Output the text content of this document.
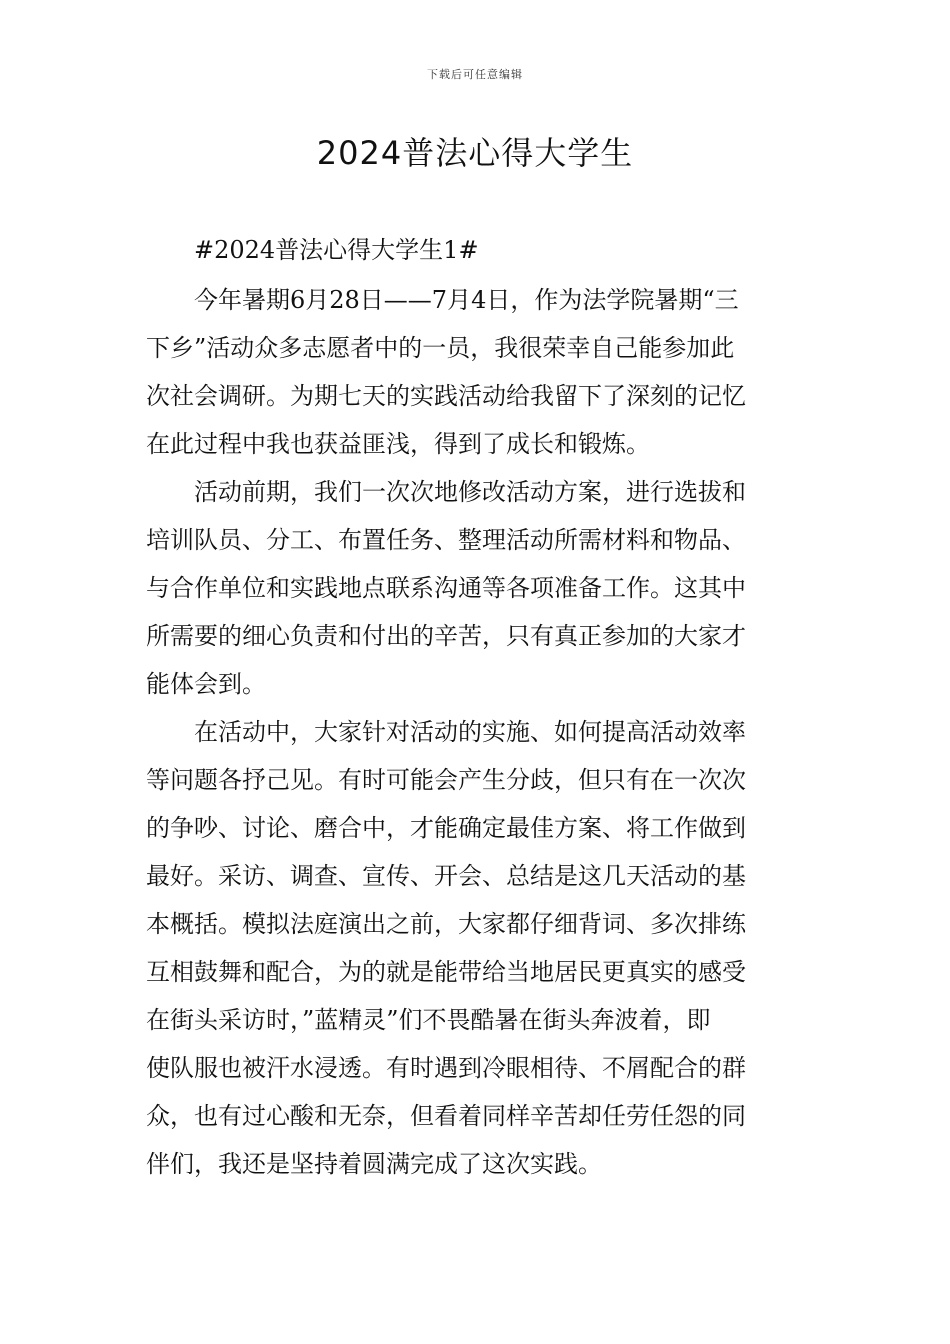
下载后可任意编辑
2024普法心得大学生
#2024普法心得大学生1#
今年暑期6月28日——7月4日，作为法学院暑期“三
下乡”活动众多志愿者中的一员，我很荣幸自己能参加此
次社会调研。为期七天的实践活动给我留下了深刻的记忆
在此过程中我也获益匪浅，得到了成长和锻炼。
活动前期，我们一次次地修改活动方案，进行选拔和
培训队员、分工、布置任务、整理活动所需材料和物品、
与合作单位和实践地点联系沟通等各项准备工作。这其中
所需要的细心负责和付出的辛苦，只有真正参加的大家才
能体会到。
在活动中，大家针对活动的实施、如何提高活动效率
等问题各抒己见。有时可能会产生分歧，但只有在一次次
的争吵、讨论、磨合中，才能确定最佳方案、将工作做到
最好。采访、调查、宣传、开会、总结是这几天活动的基
本概括。模拟法庭演出之前，大家都仔细背词、多次排练
互相鼓舞和配合，为的就是能带给当地居民更真实的感受
在街头采访时，”蓝精灵”们不畏酷暑在街头奔波着，即
使队服也被汗水浸透。有时遇到冷眼相待、不屑配合的群
众，也有过心酸和无奈，但看着同样辛苦却任劳任怨的同
伴们，我还是坚持着圆满完成了这次实践。
